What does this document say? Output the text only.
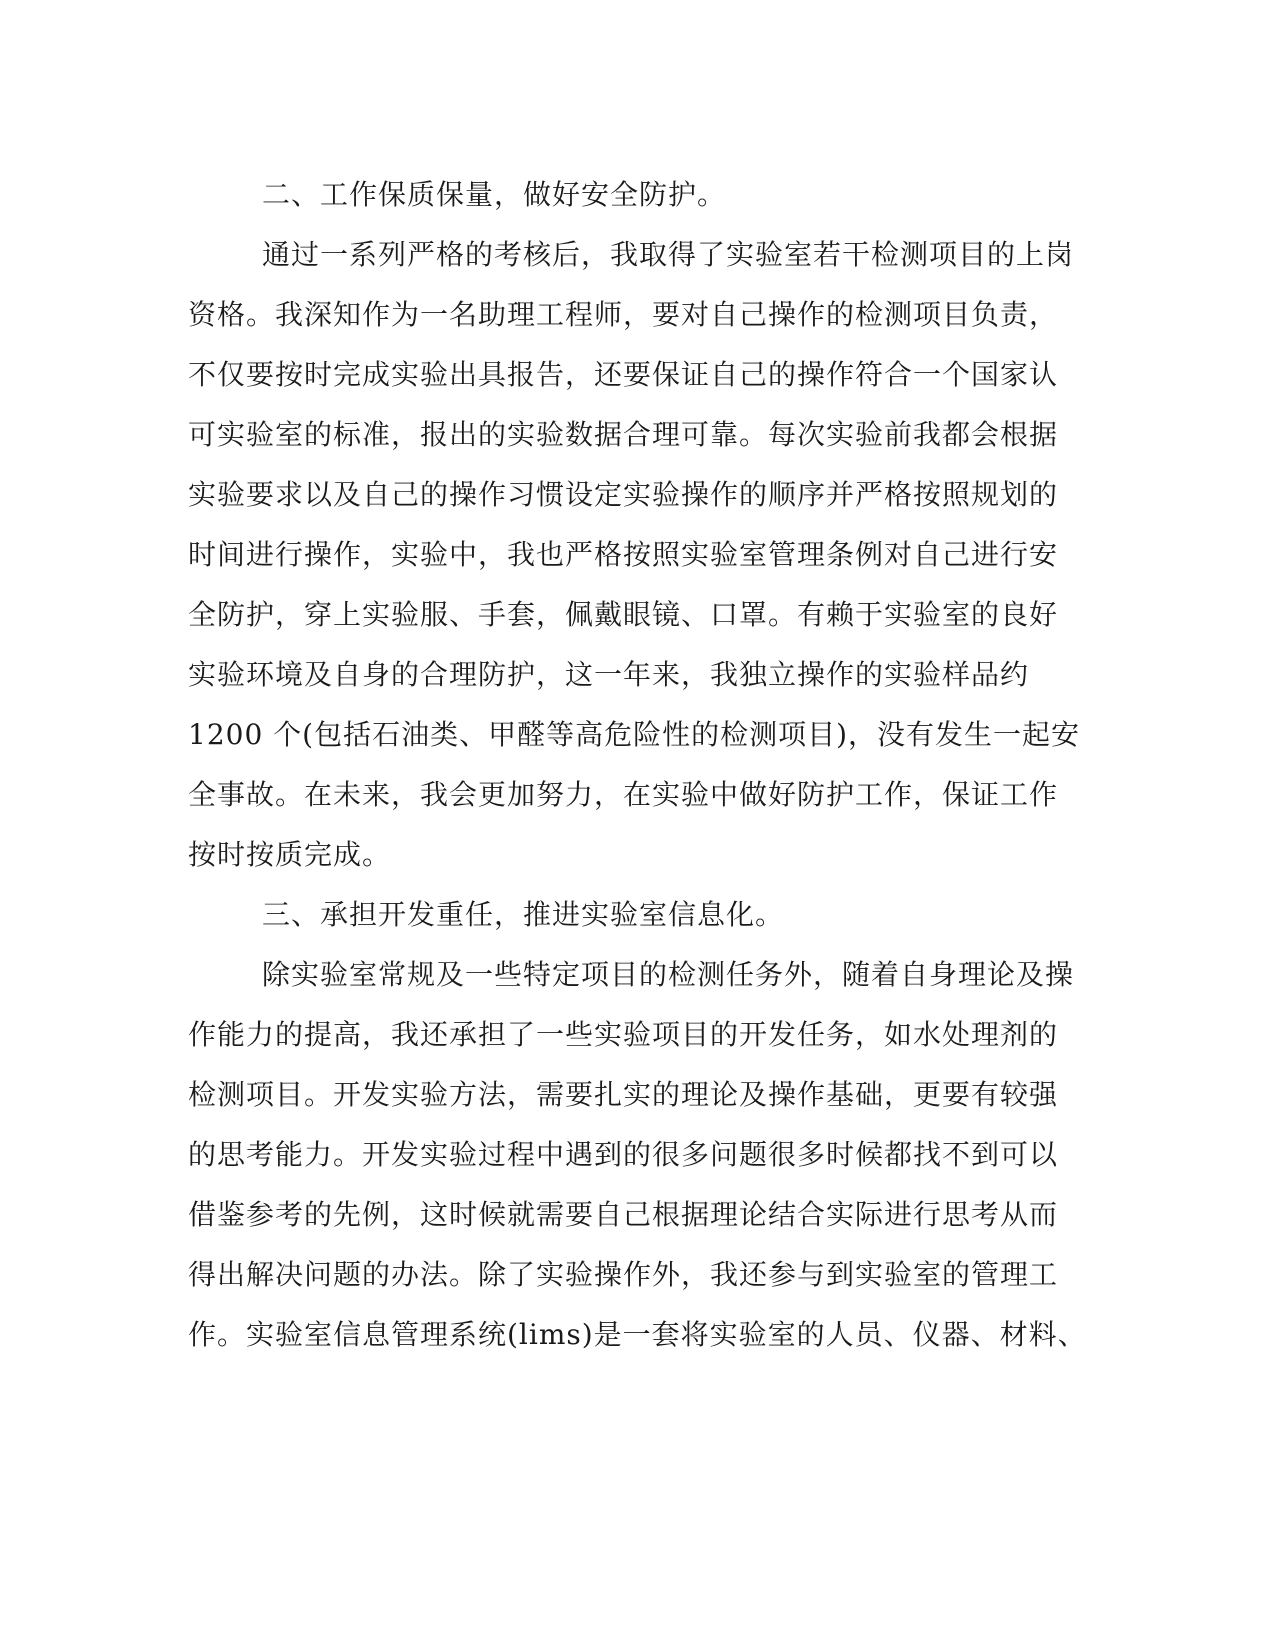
二、工作保质保量，做好安全防护。
通过一系列严格的考核后，我取得了实验室若干检测项目的上岗
资格。我深知作为一名助理工程师，要对自己操作的检测项目负责，
不仅要按时完成实验出具报告，还要保证自己的操作符合一个国家认
可实验室的标准，报出的实验数据合理可靠。每次实验前我都会根据
实验要求以及自己的操作习惯设定实验操作的顺序并严格按照规划的
时间进行操作，实验中，我也严格按照实验室管理条例对自己进行安
全防护，穿上实验服、手套，佩戴眼镜、口罩。有赖于实验室的良好
实验环境及自身的合理防护，这一年来，我独立操作的实验样品约
1200 个(包括石油类、甲醛等高危险性的检测项目)，没有发生一起安
全事故。在未来，我会更加努力，在实验中做好防护工作，保证工作
按时按质完成。
三、承担开发重任，推进实验室信息化。
除实验室常规及一些特定项目的检测任务外，随着自身理论及操
作能力的提高，我还承担了一些实验项目的开发任务，如水处理剂的
检测项目。开发实验方法，需要扎实的理论及操作基础，更要有较强
的思考能力。开发实验过程中遇到的很多问题很多时候都找不到可以
借鉴参考的先例，这时候就需要自己根据理论结合实际进行思考从而
得出解决问题的办法。除了实验操作外，我还参与到实验室的管理工
作。实验室信息管理系统(lims)是一套将实验室的人员、仪器、材料、
